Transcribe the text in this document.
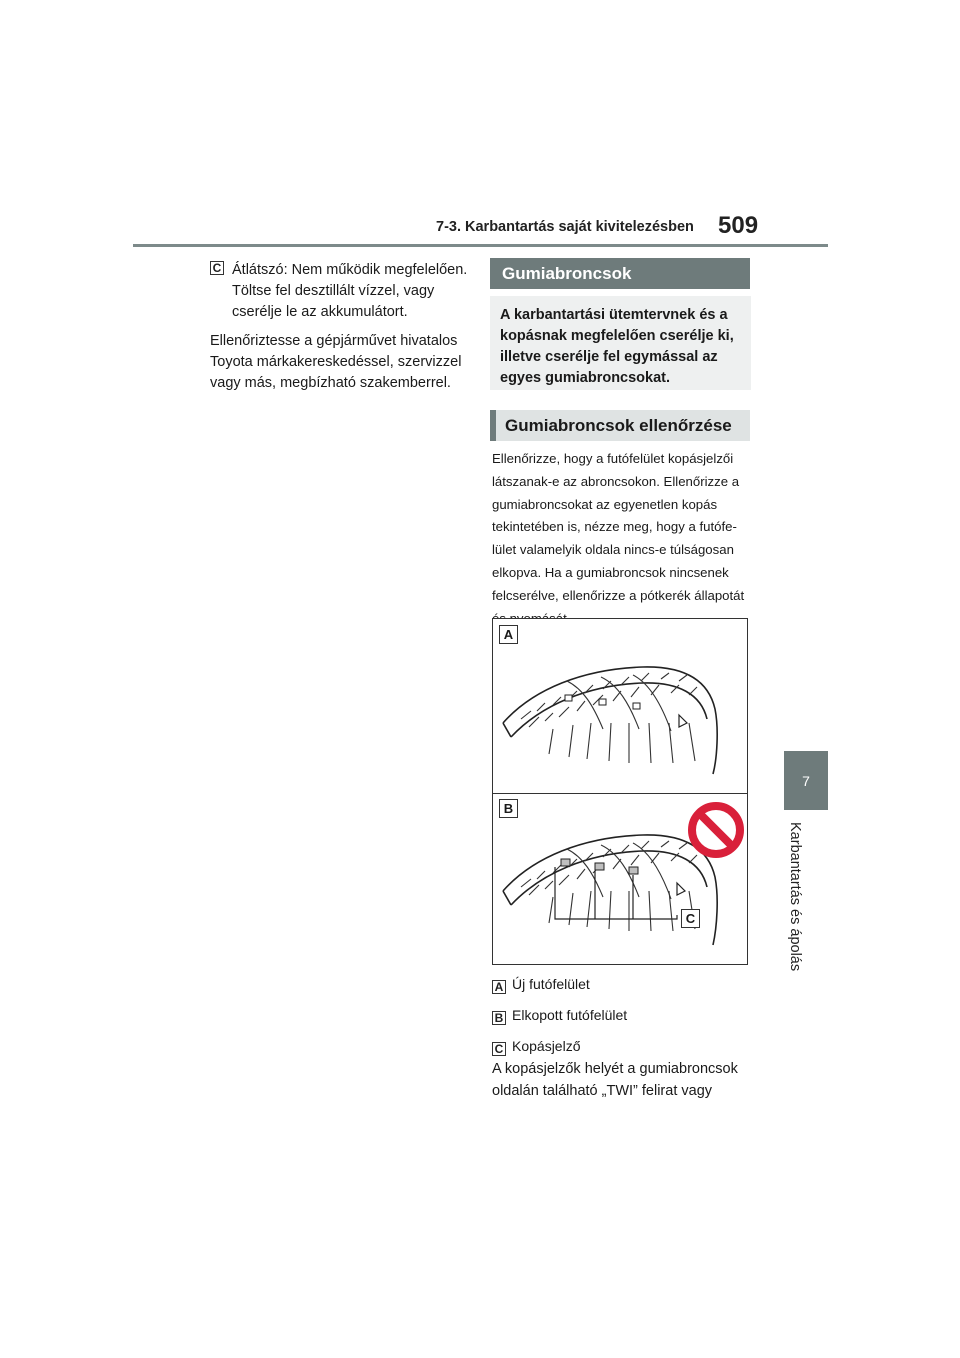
7-3. Karbantartás saját kivitelezésben	509
7
Karbantartás és ápolás
C Átlátszó: Nem működik megfelelően. Töltse fel desztillált vízzel, vagy cserélje le az akkumulátort.

Ellenőriztesse a gépjárművet hivatalos Toyota márkakereskedéssel, szervizzel vagy más, megbízható szakemberrel.

Gumiabroncsok
A karbantartási ütemtervnek és a kopásnak megfelelően cserélje ki, illetve cserélje fel egymással az egyes gumiabroncsokat.
Gumiabroncsok ellenőrzése
Ellenőrizze, hogy a futófelület kopásjelzői látszanak-e az abroncsokon. Ellenőrizze a gumiabroncsokat az egyenetlen kopás tekintetében is, nézze meg, hogy a futófelület valamelyik oldala nincs-e túlságosan elkopva. Ha a gumiabroncsok nincsenek felcserélve, ellenőrizze a pótkerék állapotát
A
B
C
A Új futófelület
B Elkopott futófelület
C Kopásjelző
A kopásjelzők helyét a gumiabroncsok oldalán található „TWI” felirat vagy
